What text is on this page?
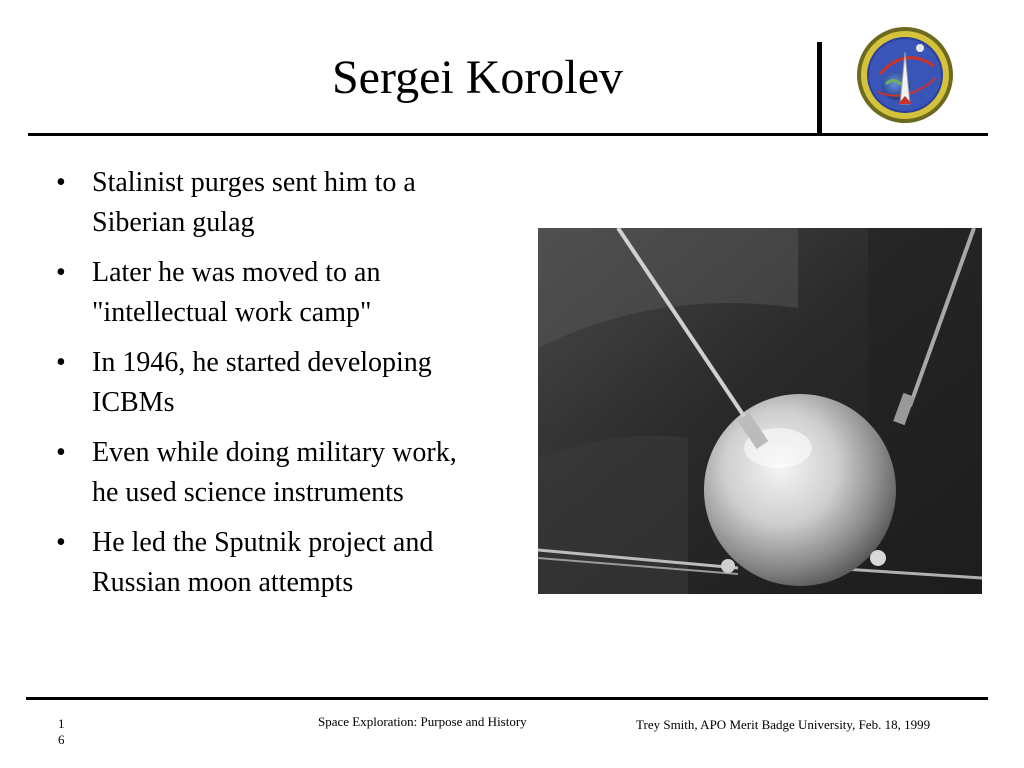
Sergei Korolev
• Stalinist purges sent him to a Siberian gulag
• Later he was moved to an "intellectual work camp"
• In 1946, he started developing ICBMs
• Even while doing military work, he used science instruments
• He led the Sputnik project and Russian moon attempts
1
6
Space Exploration: Purpose and History	Trey Smith, APO Merit Badge University, Feb. 18, 1999
